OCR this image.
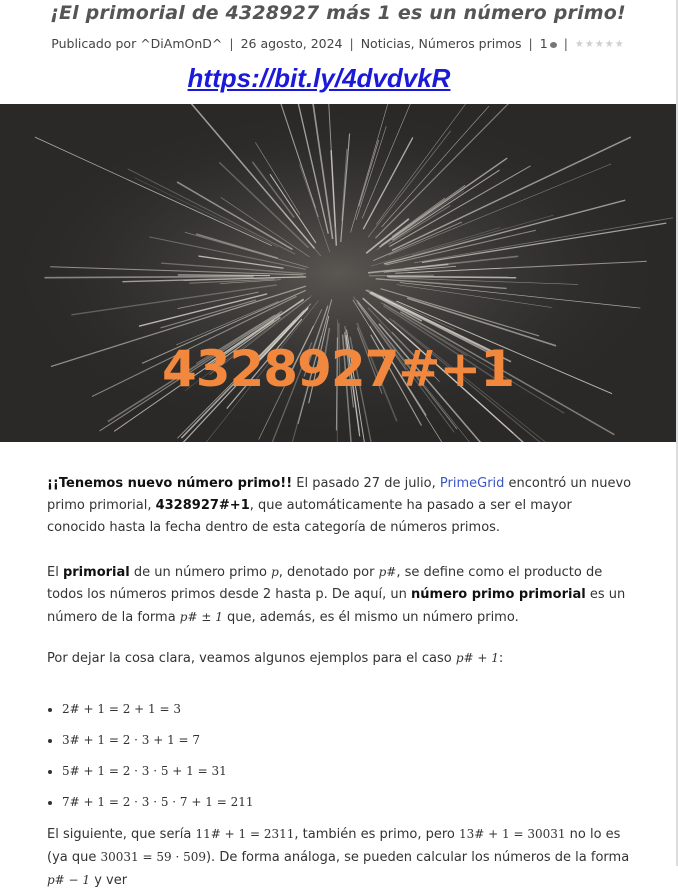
¡El primorial de 4328927 más 1 es un número primo!
Publicado por ^DiAmOnD^ | 26 agosto, 2024 | Noticias, Números primos | 1 | ★★★★★
https://bit.ly/4dvdvkR
4328927#+1
¡¡Tenemos nuevo número primo!! El pasado 27 de julio, PrimeGrid encontró un nuevo primo primorial, 4328927#+1, que automáticamente ha pasado a ser el mayor conocido hasta la fecha dentro de esta categoría de números primos.
El primorial de un número primo p, denotado por p#, se define como el producto de todos los números primos desde 2 hasta p. De aquí, un número primo primorial es un número de la forma p# ± 1 que, además, es él mismo un número primo.
Por dejar la cosa clara, veamos algunos ejemplos para el caso p# + 1:
• 2# + 1 = 2 + 1 = 3
• 3# + 1 = 2 · 3 + 1 = 7
• 5# + 1 = 2 · 3 · 5 + 1 = 31
• 7# + 1 = 2 · 3 · 5 · 7 + 1 = 211
El siguiente, que sería 11# + 1 = 2311, también es primo, pero 13# + 1 = 30031 no lo es (ya que 30031 = 59 · 509). De forma análoga, se pueden calcular los números de la forma p# − 1 y ver
